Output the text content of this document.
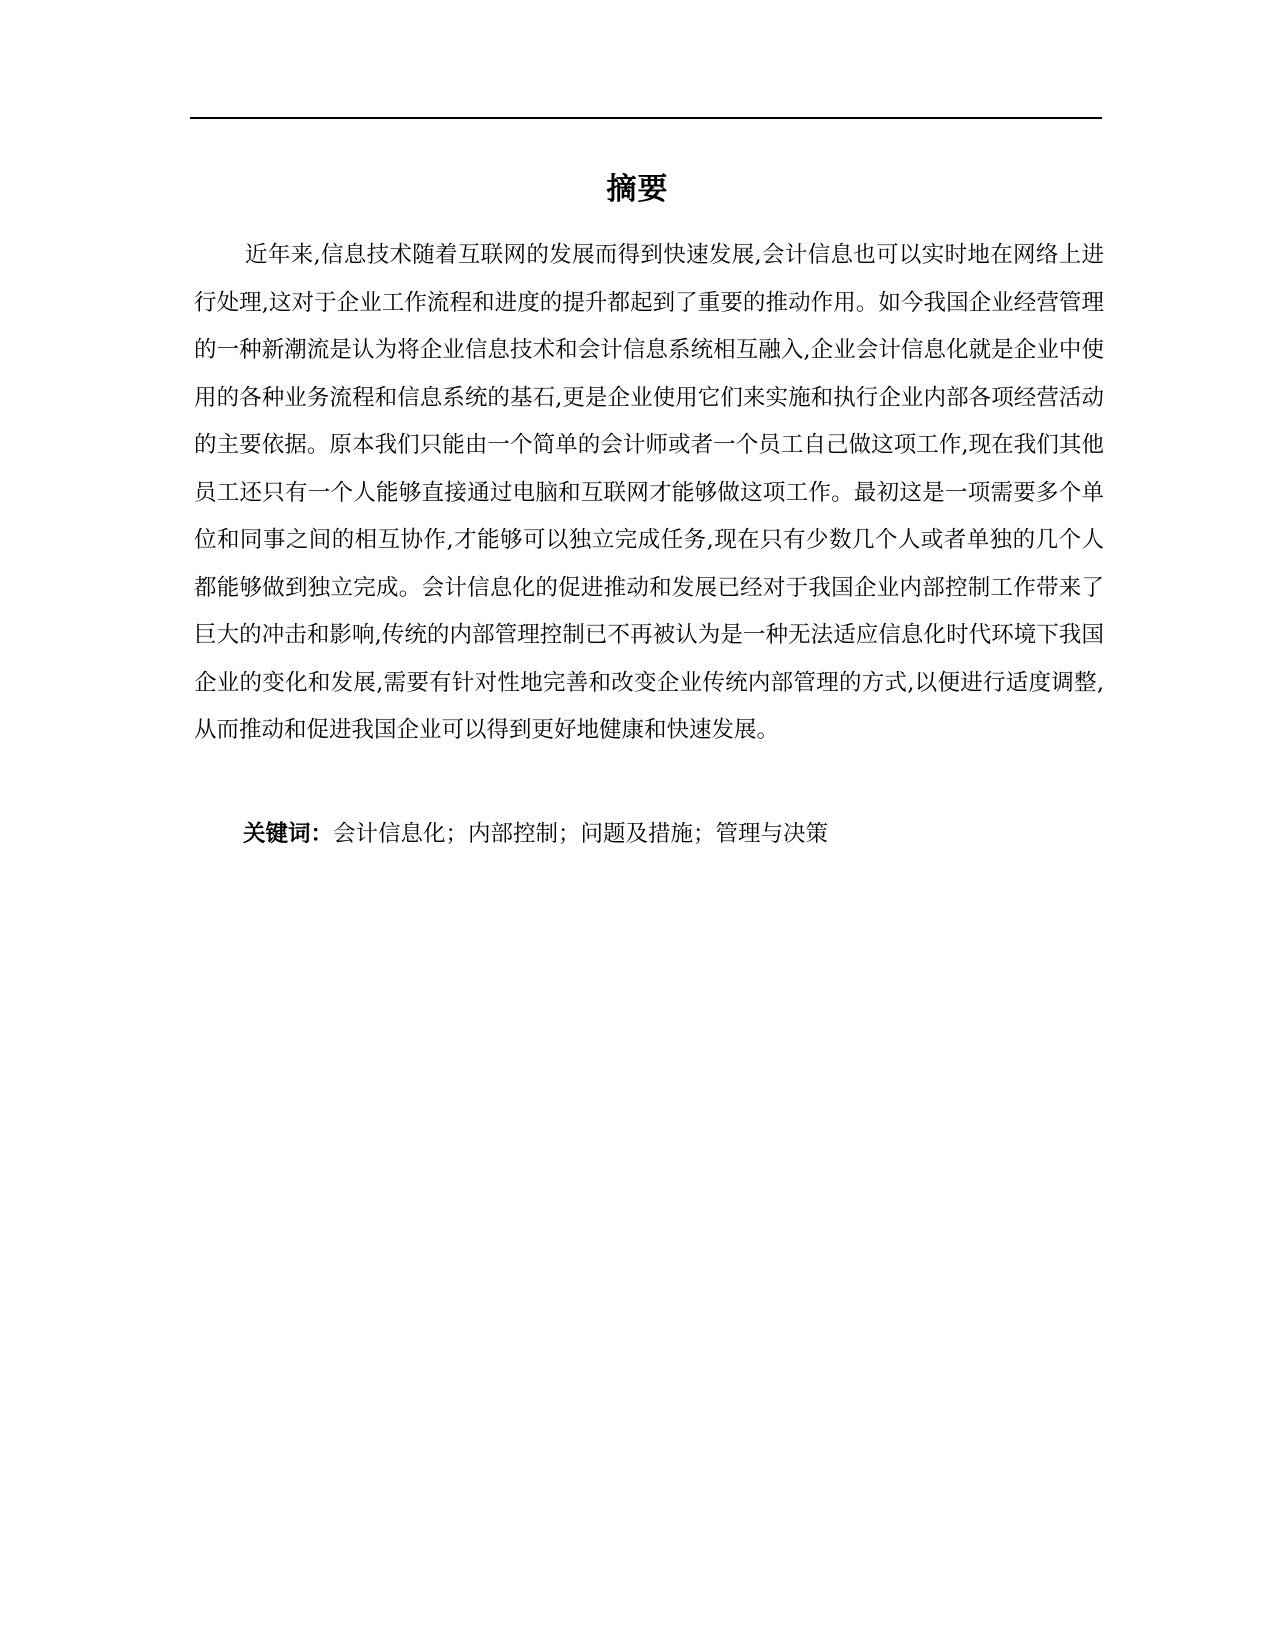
摘要

近年来,信息技术随着互联网的发展而得到快速发展,会计信息也可以实时地在网络上进行处理,这对于企业工作流程和进度的提升都起到了重要的推动作用。如今我国企业经营管理的一种新潮流是认为将企业信息技术和会计信息系统相互融入,企业会计信息化就是企业中使用的各种业务流程和信息系统的基石,更是企业使用它们来实施和执行企业内部各项经营活动的主要依据。原本我们只能由一个简单的会计师或者一个员工自己做这项工作,现在我们其他员工还只有一个人能够直接通过电脑和互联网才能够做这项工作。最初这是一项需要多个单位和同事之间的相互协作,才能够可以独立完成任务,现在只有少数几个人或者单独的几个人都能够做到独立完成。会计信息化的促进推动和发展已经对于我国企业内部控制工作带来了巨大的冲击和影响,传统的内部管理控制已不再被认为是一种无法适应信息化时代环境下我国企业的变化和发展,需要有针对性地完善和改变企业传统内部管理的方式,以便进行适度调整,从而推动和促进我国企业可以得到更好地健康和快速发展。

关键词：会计信息化；内部控制；问题及措施；管理与决策
